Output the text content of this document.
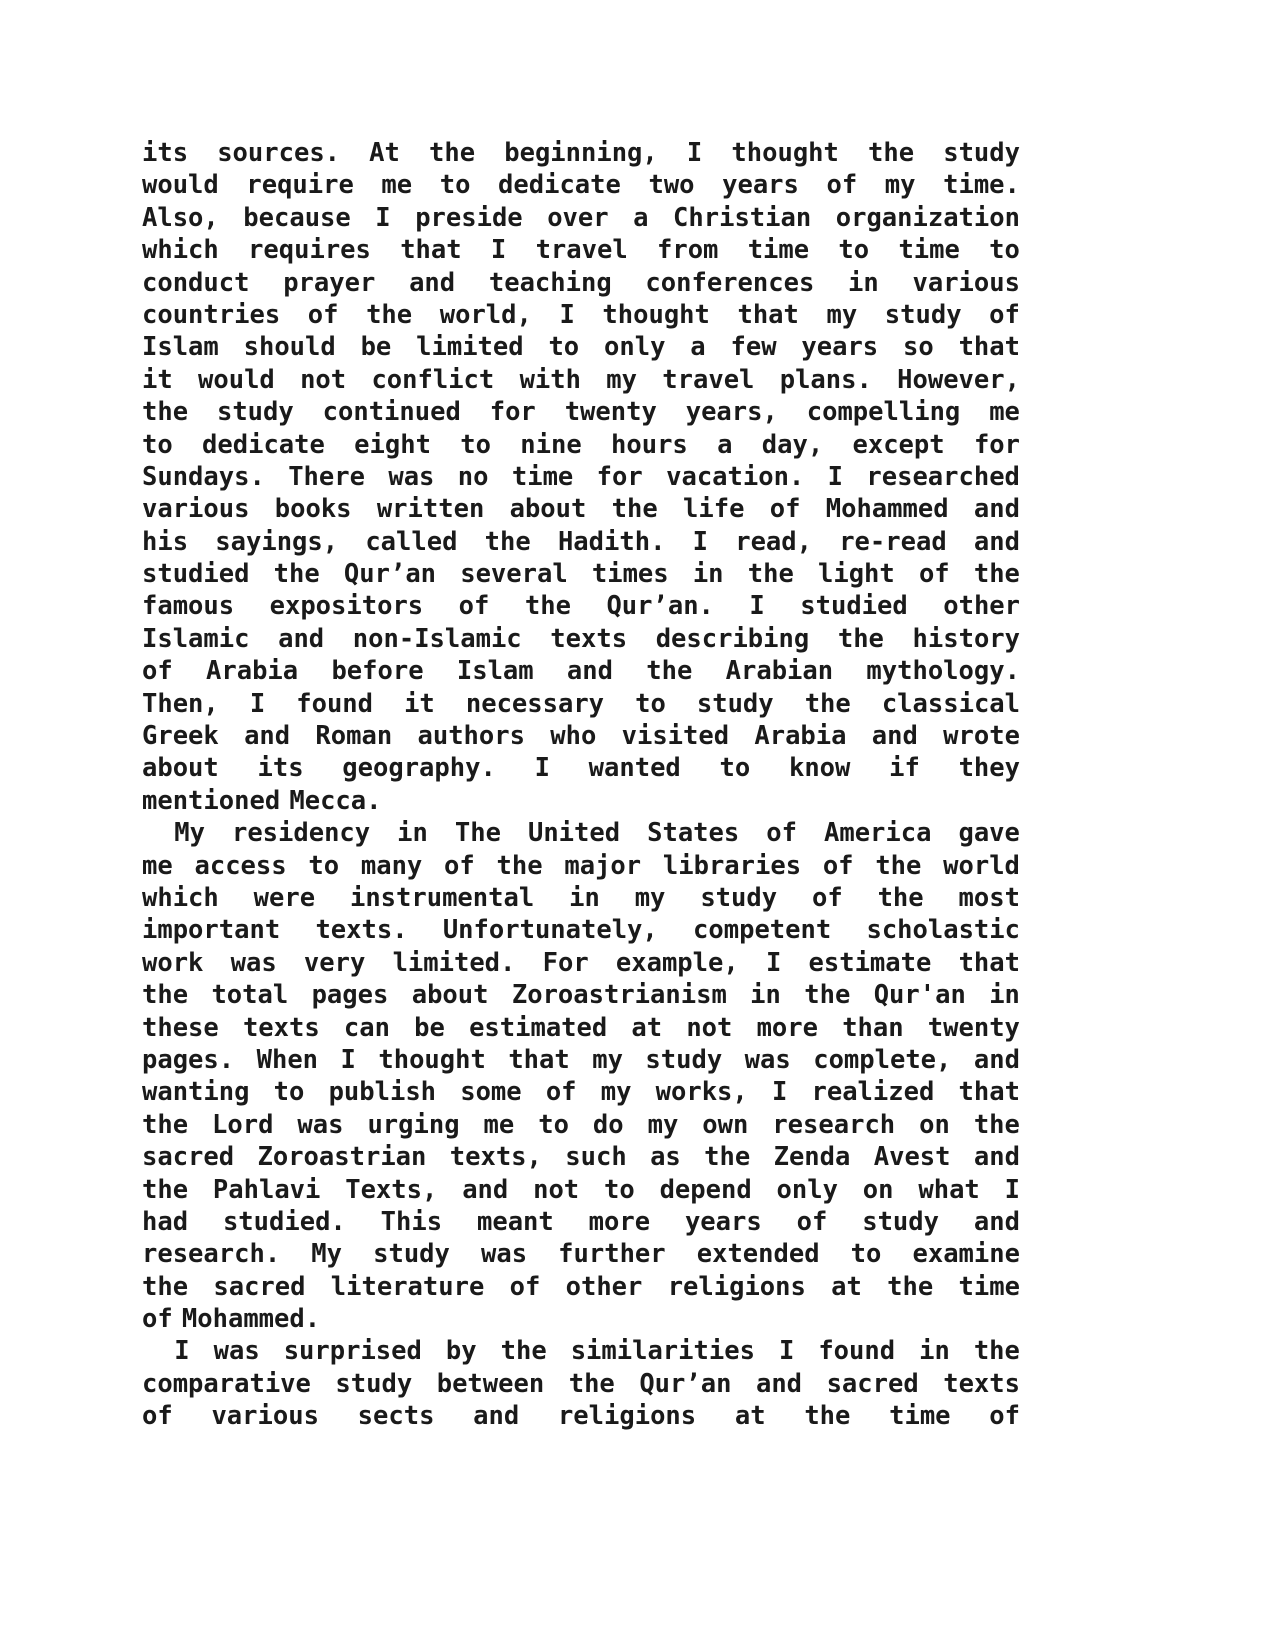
its sources. At the beginning, I thought the study
would require me to dedicate two years of my time.
Also, because I preside over a Christian organization
which requires that I travel from time to time to
conduct prayer and teaching conferences in various
countries of the world, I thought that my study of
Islam should be limited to only a few years so that
it would not conflict with my travel plans. However,
the study continued for twenty years, compelling me
to dedicate eight to nine hours a day, except for
Sundays. There was no time for vacation. I researched
various books written about the life of Mohammed and
his sayings, called the Hadith. I read, re-read and
studied the Qur’an several times in the light of the
famous expositors of the Qur’an. I studied other
Islamic and non-Islamic texts describing the history
of Arabia before Islam and the Arabian mythology.
Then, I found it necessary to study the classical
Greek and Roman authors who visited Arabia and wrote
about its geography. I wanted to know if they
mentioned Mecca.
My residency in The United States of America gave
me access to many of the major libraries of the world
which were instrumental in my study of the most
important texts. Unfortunately, competent scholastic
work was very limited. For example, I estimate that
the total pages about Zoroastrianism in the Qur'an in
these texts can be estimated at not more than twenty
pages. When I thought that my study was complete, and
wanting to publish some of my works, I realized that
the Lord was urging me to do my own research on the
sacred Zoroastrian texts, such as the Zenda Avest and
the Pahlavi Texts, and not to depend only on what I
had studied. This meant more years of study and
research. My study was further extended to examine
the sacred literature of other religions at the time
of Mohammed.
I was surprised by the similarities I found in the
comparative study between the Qur’an and sacred texts
of various sects and religions at the time of
